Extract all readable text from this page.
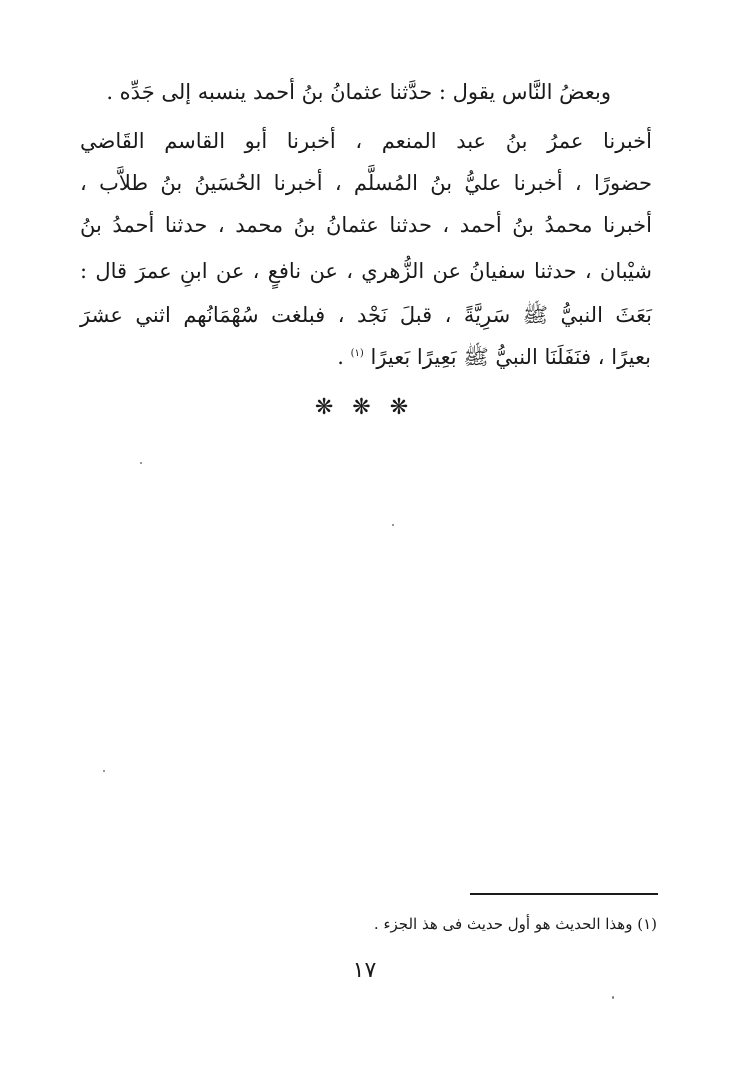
وبعضُ النَّاس يقول : حدَّثنا عثمانُ بنُ أحمد ينسبه إلى جَدِّه .
أخبرنا عمرُ بنُ عبد المنعم ، أخبرنا أبو القاسم القَاضي
حضورًا ، أخبرنا عليُّ بنُ المُسلَّم ، أخبرنا الحُسَينُ بنُ طلاَّب ،
أخبرنا محمدُ بنُ أحمد ، حدثنا عثمانُ بنُ محمد ، حدثنا أحمدُ بنُ
شيْبان ، حدثنا سفيانُ عن الزُّهري ، عن نافعٍ ، عن ابنِ عمرَ قال :
بَعَثَ النبيُّ ﷺ سَرِيَّةً ، قبلَ نَجْد ، فبلغت سُهْمَانُهم اثني عشرَ
بعيرًا ، فنَفَلَنَا النبيُّ ﷺ بَعِيرًا بَعيرًا $^{(١)}$ .
❋ ❋ ❋
(١) وهذا الحديث هو أول حديث فى هذ الجزء .
١٧
